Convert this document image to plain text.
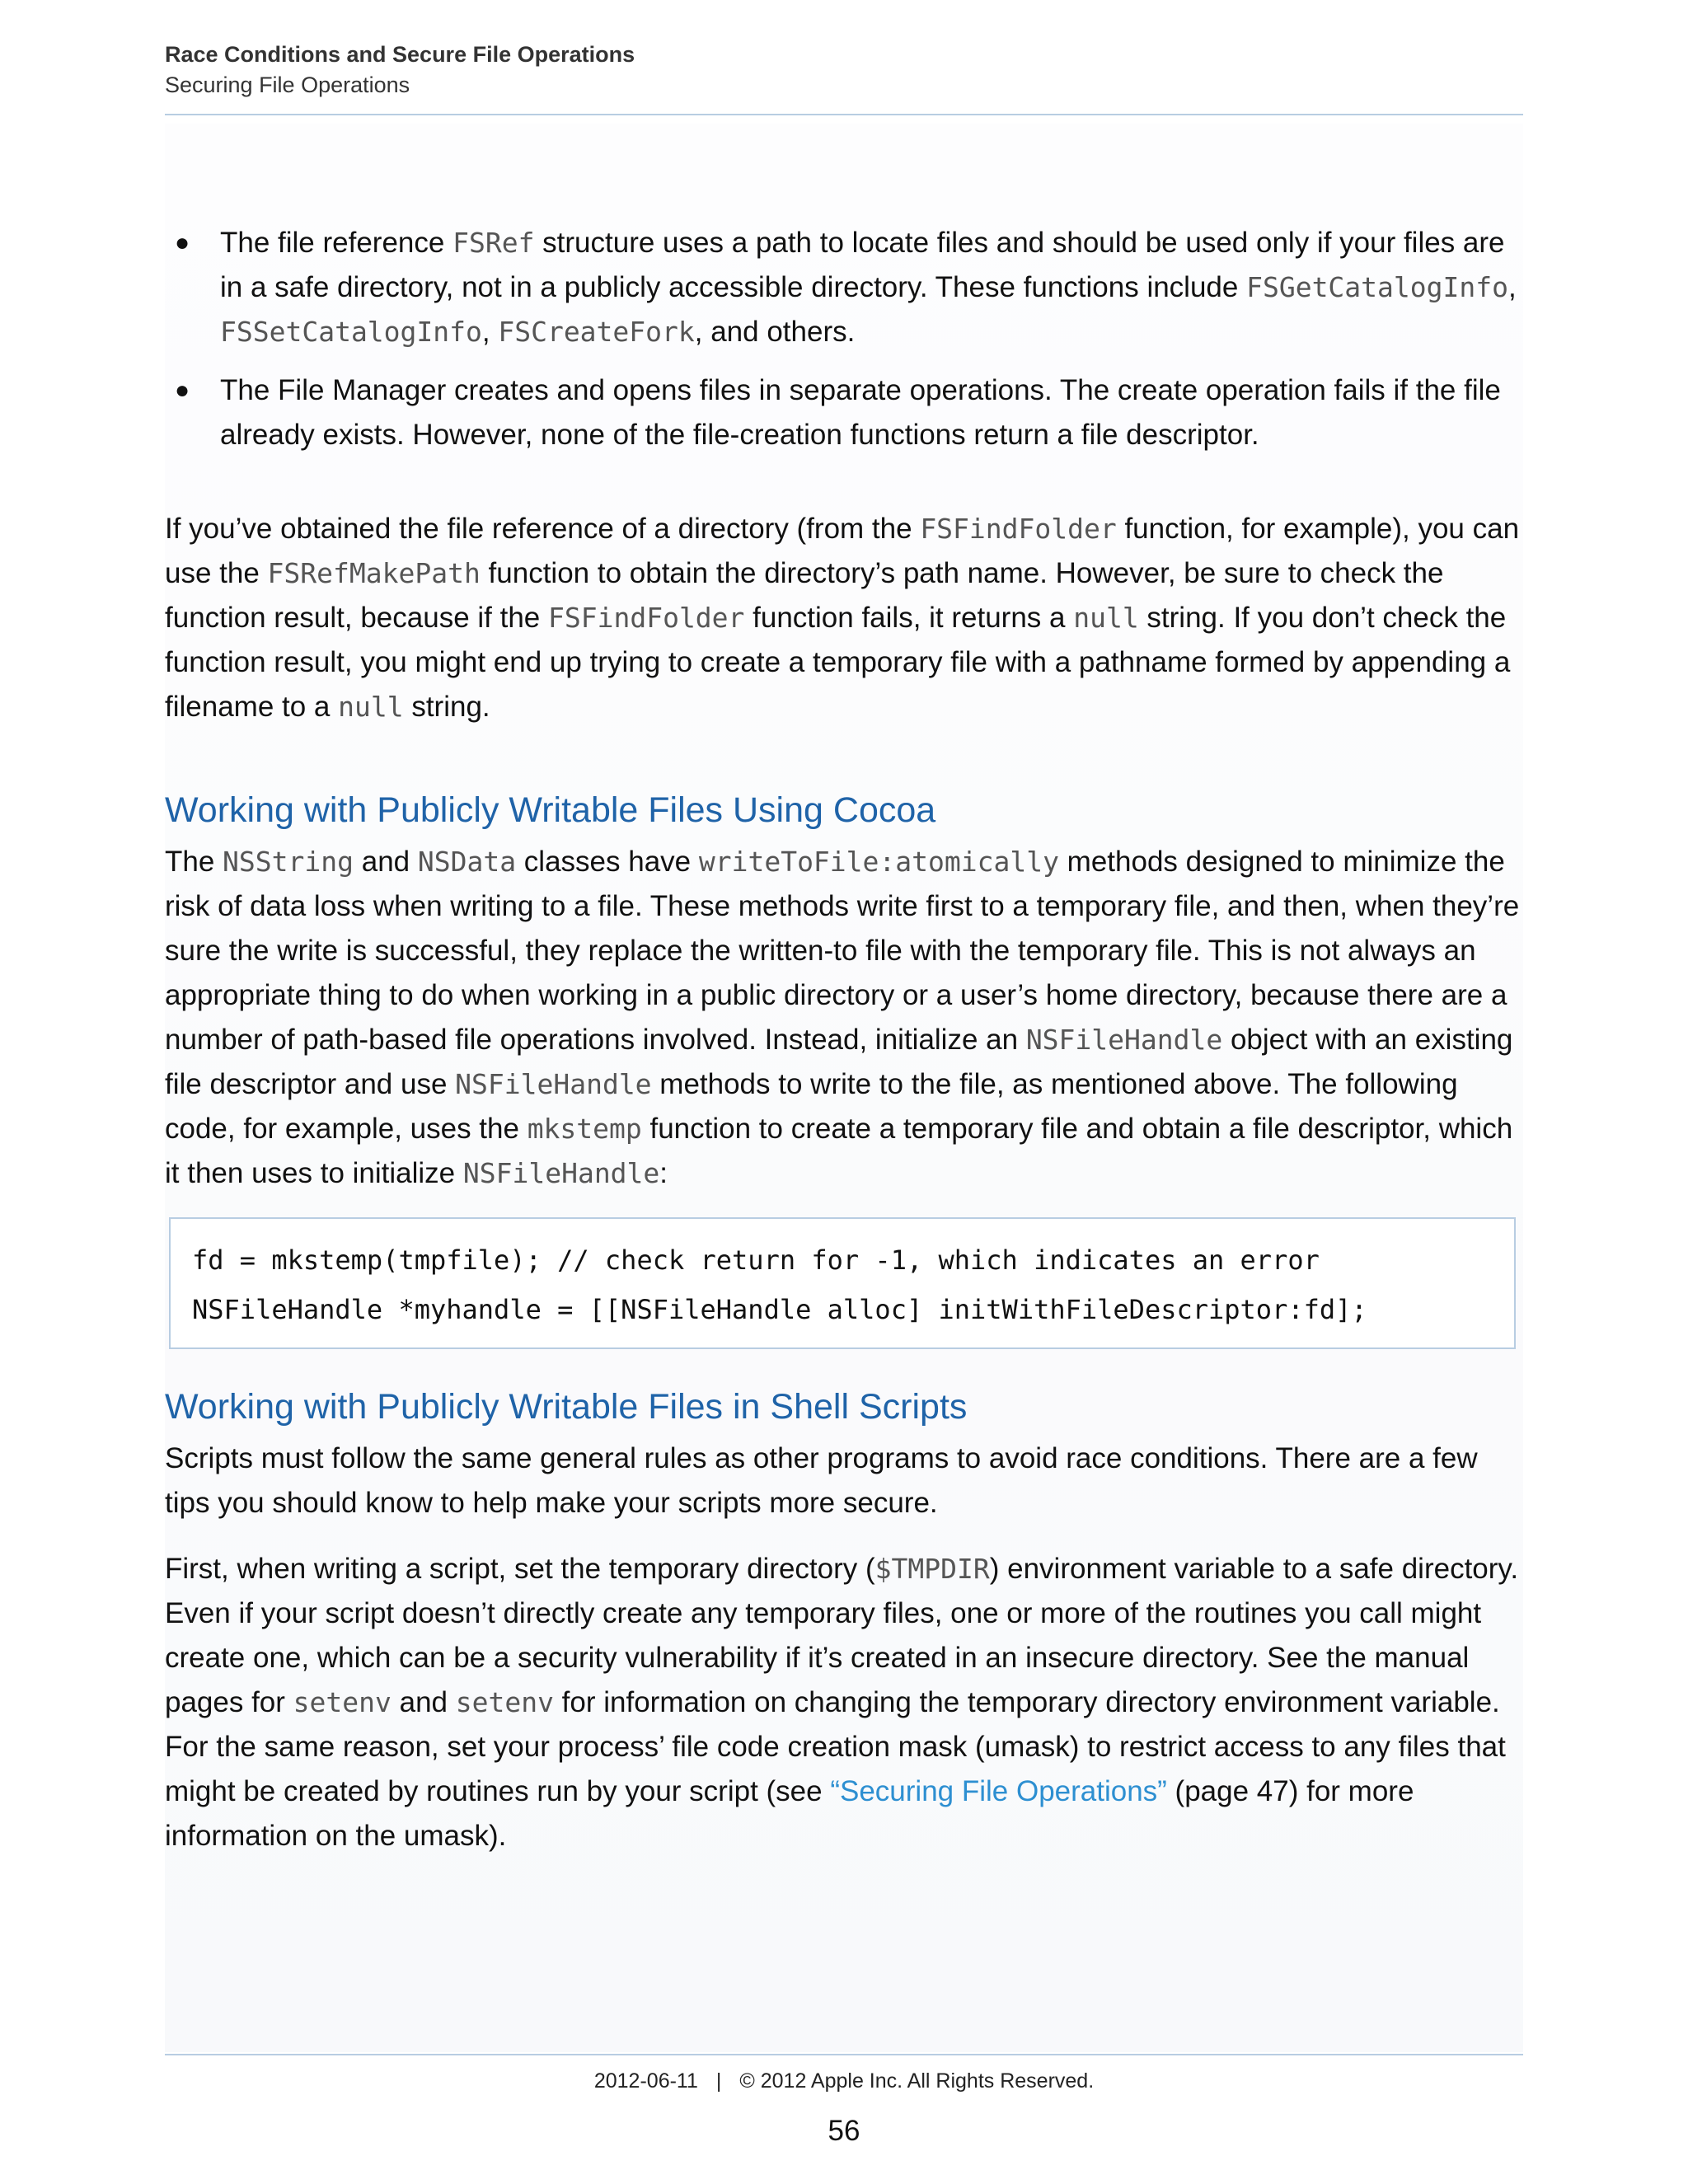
Race Conditions and Secure File Operations
Securing File Operations
● The file reference FSRef structure uses a path to locate files and should be used only if your files are in a safe directory, not in a publicly accessible directory. These functions include FSGetCatalogInfo, FSSetCatalogInfo, FSCreateFork, and others.
● The File Manager creates and opens files in separate operations. The create operation fails if the file already exists. However, none of the file-creation functions return a file descriptor.

If you’ve obtained the file reference of a directory (from the FSFindFolder function, for example), you can use the FSRefMakePath function to obtain the directory’s path name. However, be sure to check the function result, because if the FSFindFolder function fails, it returns a null string. If you don’t check the function result, you might end up trying to create a temporary file with a pathname formed by appending a filename to a null string.

Working with Publicly Writable Files Using Cocoa

The NSString and NSData classes have writeToFile:atomically methods designed to minimize the risk of data loss when writing to a file. These methods write first to a temporary file, and then, when they’re sure the write is successful, they replace the written-to file with the temporary file. This is not always an appropriate thing to do when working in a public directory or a user’s home directory, because there are a number of path-based file operations involved. Instead, initialize an NSFileHandle object with an existing file descriptor and use NSFileHandle methods to write to the file, as mentioned above. The following code, for example, uses the mkstemp function to create a temporary file and obtain a file descriptor, which it then uses to initialize NSFileHandle:

fd = mkstemp(tmpfile); // check return for -1, which indicates an error
NSFileHandle *myhandle = [[NSFileHandle alloc] initWithFileDescriptor:fd];
Working with Publicly Writable Files in Shell Scripts

Scripts must follow the same general rules as other programs to avoid race conditions. There are a few tips you should know to help make your scripts more secure.

First, when writing a script, set the temporary directory ($TMPDIR) environment variable to a safe directory. Even if your script doesn’t directly create any temporary files, one or more of the routines you call might create one, which can be a security vulnerability if it’s created in an insecure directory. See the manual pages for setenv and setenv for information on changing the temporary directory environment variable. For the same reason, set your process’ file code creation mask (umask) to restrict access to any files that might be created by routines run by your script (see “Securing File Operations” (page 47) for more information on the umask).

2012-06-11 | © 2012 Apple Inc. All Rights Reserved.
56
